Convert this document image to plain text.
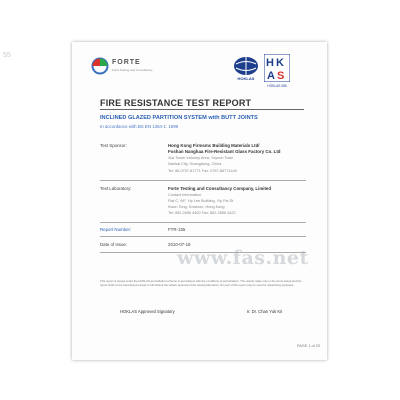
55
FORTE
Forte Testing and Consultancy
HOKLAS
H K
A S
HOKLAS 085
FIRE RESISTANCE TEST REPORT
INCLINED GLAZED PARTITION SYSTEM with BUTT JOINTS
In accordance with BS EN 1364-1: 1999
Test Sponsor:	Hong Kong Firmsmc Building Materials Ltd/
Foshan Nanghaa Fire-Resistant Glass Factory Co. Ltd
Xiai Tower Industry Area, Yoyoun Town
Nanhai City, Guangdong, China
Tel: 86-0757-81771 Fax: 0757-85771440
Test Laboratory:	Forte Testing and Consultancy Company, Limited
Contact Information
Flat C, 9/F, Yip Lee Building, Yip Fat St
Kwun Tong, Kowloon, Hong Kong
Tel: 852-2856 4400 Fax: 852-2856 4422
Report Number:	FTR-155
Date of Issue:	2010-07-18
www.fas.net
This report is issued under the HOKLAS accreditation scheme in accordance with the conditions of accreditation. The results relate only to the items tested and the report shall not be reproduced except in full without the written approval of the issuing laboratory. No part of this report may be used for advertising purposes.
HOKLAS Approved Signatory	Ir. Dr. Chan Yuk Kit
PAGE 1 of 23
